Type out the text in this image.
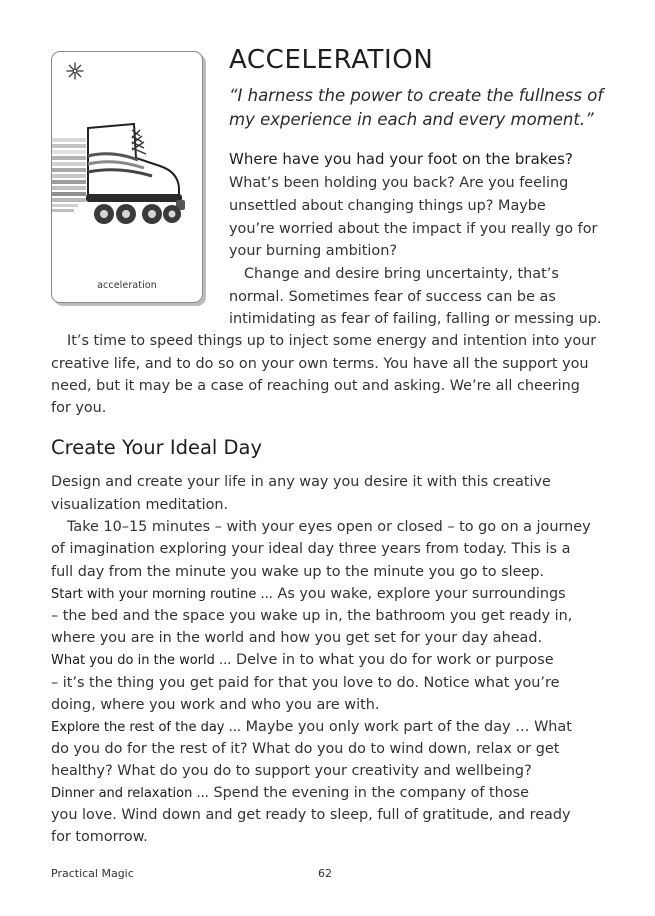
acceleration
ACCELERATION
“I harness the power to create the fullness of
my experience in each and every moment.”
Where have you had your foot on the brakes?
What’s been holding you back? Are you feeling
unsettled about changing things up? Maybe
you’re worried about the impact if you really go for
your burning ambition?
Change and desire bring uncertainty, that’s
normal. Sometimes fear of success can be as
intimidating as fear of failing, falling or messing up.
It’s time to speed things up to inject some energy and intention into your
creative life, and to do so on your own terms. You have all the support you
need, but it may be a case of reaching out and asking. We’re all cheering
for you.
Create Your Ideal Day
Design and create your life in any way you desire it with this creative
visualization meditation.
Take 10–15 minutes – with your eyes open or closed – to go on a journey
of imagination exploring your ideal day three years from today. This is a
full day from the minute you wake up to the minute you go to sleep.
Start with your morning routine ... As you wake, explore your surroundings
– the bed and the space you wake up in, the bathroom you get ready in,
where you are in the world and how you get set for your day ahead.
What you do in the world ... Delve in to what you do for work or purpose
– it’s the thing you get paid for that you love to do. Notice what you’re
doing, where you work and who you are with.
Explore the rest of the day ... Maybe you only work part of the day … What
do you do for the rest of it? What do you do to wind down, relax or get
healthy? What do you do to support your creativity and wellbeing?
Dinner and relaxation ... Spend the evening in the company of those
you love. Wind down and get ready to sleep, full of gratitude, and ready
for tomorrow.
Practical Magic	62
